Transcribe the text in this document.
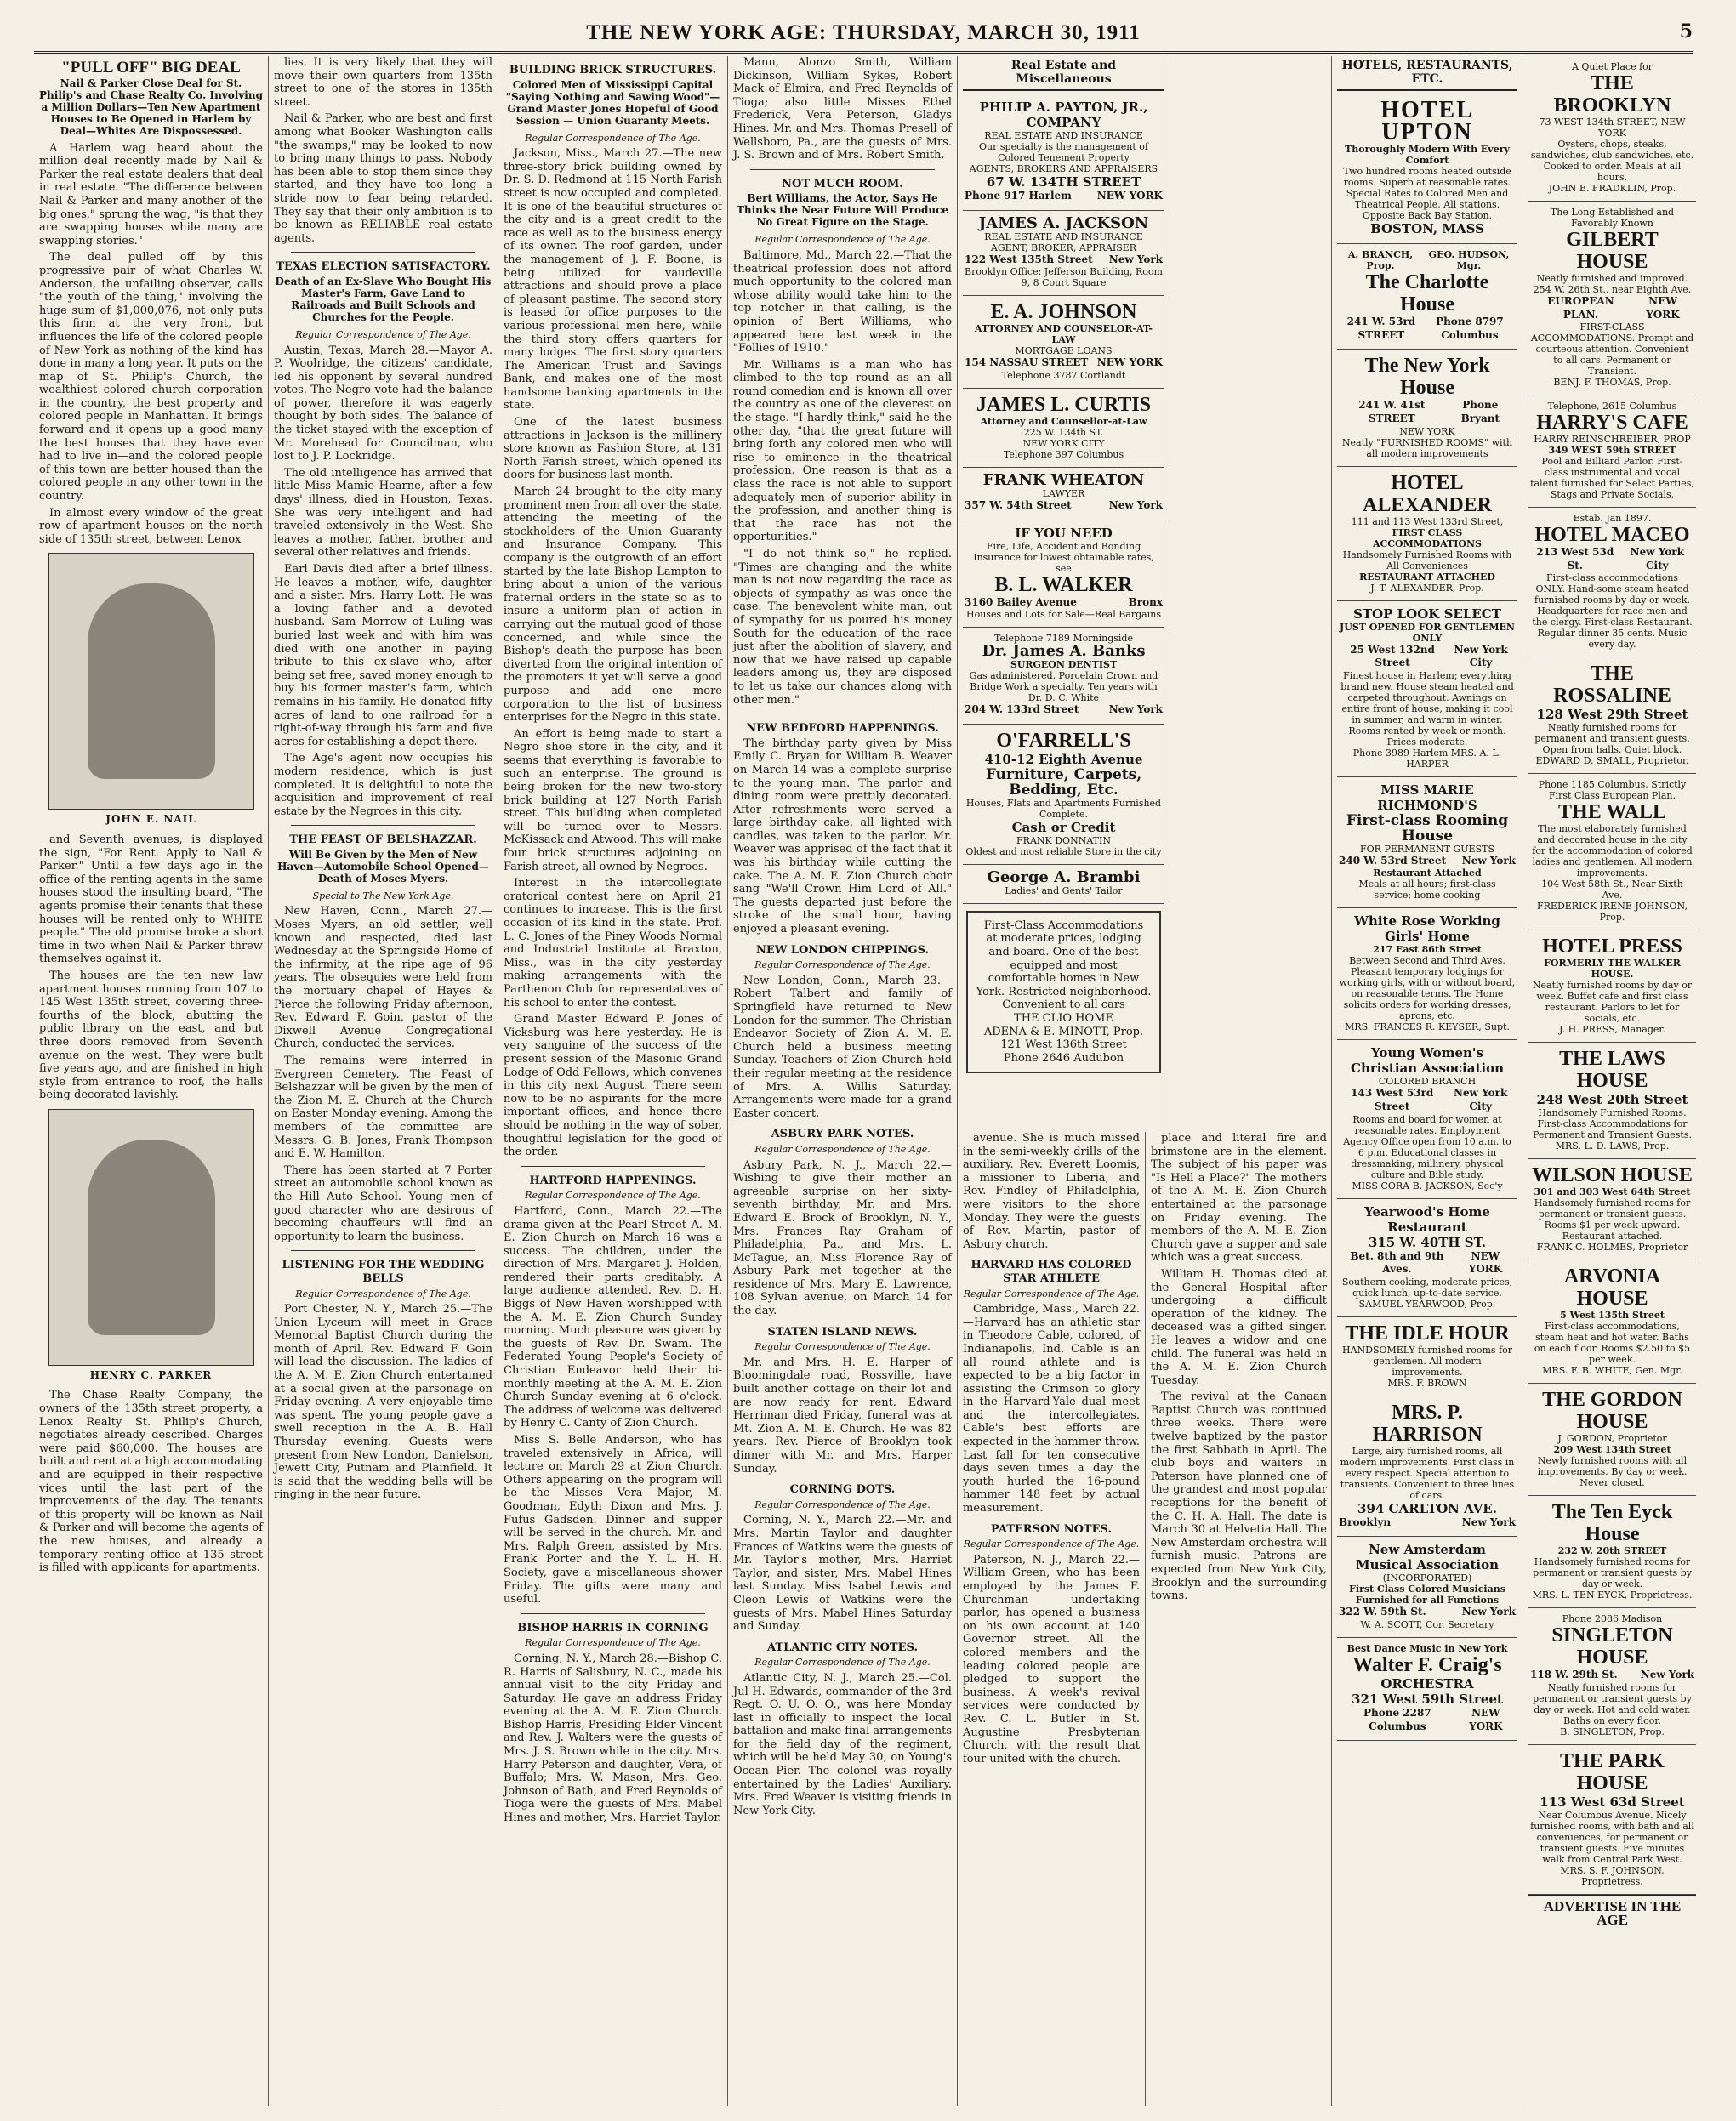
THE NEW YORK AGE: THURSDAY, MARCH 30, 1911	5
"PULL OFF" BIG DEAL
Nail & Parker Close Deal for St. Philip's and Chase Realty Co. Involving a Million Dollars—Ten New Apartment Houses to Be Opened in Harlem by Deal—Whites Are Dispossessed.

A Harlem wag heard about the million deal recently made by Nail & Parker the real estate dealers that deal in real estate. "The difference between Nail & Parker and many another of the big ones," sprung the wag, "is that they are swapping houses while many are swapping stories."

The deal pulled off by this progressive pair of what Charles W. Anderson, the unfailing observer, calls "the youth of the thing," involving the huge sum of $1,000,076, not only puts this firm at the very front, but influences the life of the colored people of New York as nothing of the kind has done in many a long year. It puts on the map of St. Philip's Church, the wealthiest colored church corporation in the country, the best property and colored people in Manhattan. It brings forward and it opens up a good many the best houses that they have ever had to live in—and the colored people of this town are better housed than the colored people in any other town in the country.

In almost every window of the great row of apartment houses on the north side of 135th street, between Lenox

JOHN E. NAIL

and Seventh avenues, is displayed the sign, "For Rent. Apply to Nail & Parker." Until a few days ago in the office of the renting agents in the same houses stood the insulting board, "The agents promise their tenants that these houses will be rented only to WHITE people." The old promise broke a short time in two when Nail & Parker threw themselves against it.

The houses are the ten new law apartment houses running from 107 to 145 West 135th street, covering three-fourths of the block, abutting the public library on the east, and but three doors removed from Seventh avenue on the west. They were built five years ago, and are finished in high style from entrance to roof, the halls being decorated lavishly.

HENRY C. PARKER

The Chase Realty Company, the owners of the 135th street property, a Lenox Realty St. Philip's Church, negotiates already described. Charges were paid $60,000. The houses are built and rent at a high accommodating and are equipped in their respective vices until the last part of the improvements of the day. The tenants of this property will be known as Nail & Parker and will become the agents of the new houses, and already a temporary renting office at 135 street is filled with applicants for apartments.

lies. It is very likely that they will move their own quarters from 135th street to one of the stores in 135th street.

Nail & Parker, who are best and first among what Booker Washington calls "the swamps," may be looked to now to bring many things to pass. Nobody has been able to stop them since they started, and they have too long a stride now to fear being retarded. They say that their only ambition is to be known as RELIABLE real estate agents.

TEXAS ELECTION SATISFACTORY.
Death of an Ex-Slave Who Bought His Master's Farm, Gave Land to Railroads and Built Schools and Churches for the People.
Regular Correspondence of The Age.

Austin, Texas, March 28.—Mayor A. P. Woolridge, the citizens' candidate, led his opponent by several hundred votes. The Negro vote had the balance of power, therefore it was eagerly thought by both sides. The balance of the ticket stayed with the exception of Mr. Morehead for Councilman, who lost to J. P. Lockridge.

The old intelligence has arrived that little Miss Mamie Hearne, after a few days' illness, died in Houston, Texas. She was very intelligent and had traveled extensively in the West. She leaves a mother, father, brother and several other relatives and friends.

Earl Davis died after a brief illness. He leaves a mother, wife, daughter and a sister. Mrs. Harry Lott. He was a loving father and a devoted husband. Sam Morrow of Luling was buried last week and with him was died with one another in paying tribute to this ex-slave who, after being set free, saved money enough to buy his former master's farm, which remains in his family. He donated fifty acres of land to one railroad for a right-of-way through his farm and five acres for establishing a depot there.

The Age's agent now occupies his modern residence, which is just completed. It is delightful to note the acquisition and improvement of real estate by the Negroes in this city.

THE FEAST OF BELSHAZZAR.
Will Be Given by the Men of New Haven—Automobile School Opened—Death of Moses Myers.
Special to The New York Age.

New Haven, Conn., March 27.—Moses Myers, an old settler, well known and respected, died last Wednesday at the Springside Home of the infirmity, at the ripe age of 96 years. The obsequies were held from the mortuary chapel of Hayes & Pierce the following Friday afternoon, Rev. Edward F. Goin, pastor of the Dixwell Avenue Congregational Church, conducted the services.

The remains were interred in Evergreen Cemetery. The Feast of Belshazzar will be given by the men of the Zion M. E. Church at the Church on Easter Monday evening. Among the members of the committee are Messrs. G. B. Jones, Frank Thompson and E. W. Hamilton.

There has been started at 7 Porter street an automobile school known as the Hill Auto School. Young men of good character who are desirous of becoming chauffeurs will find an opportunity to learn the business.

LISTENING FOR THE WEDDING BELLS
Regular Correspondence of The Age.

Port Chester, N. Y., March 25.—The Union Lyceum will meet in Grace Memorial Baptist Church during the month of April. Rev. Edward F. Goin will lead the discussion. The ladies of the A. M. E. Zion Church entertained at a social given at the parsonage on Friday evening. A very enjoyable time was spent. The young people gave a swell reception in the A. B. Hall Thursday evening. Guests were present from New London, Danielson, Jewett City, Putnam and Plainfield. It is said that the wedding bells will be ringing in the near future.

BUILDING BRICK STRUCTURES.
Colored Men of Mississippi Capital "Saying Nothing and Sawing Wood"—Grand Master Jones Hopeful of Good Session — Union Guaranty Meets.
Regular Correspondence of The Age.

Jackson, Miss., March 27.—The new three-story brick building owned by Dr. S. D. Redmond at 115 North Farish street is now occupied and completed. It is one of the beautiful structures of the city and is a great credit to the race as well as to the business energy of its owner. The roof garden, under the management of J. F. Boone, is being utilized for vaudeville attractions and should prove a place of pleasant pastime. The second story is leased for office purposes to the various professional men here, while the third story offers quarters for many lodges. The first story quarters The American Trust and Savings Bank, and makes one of the most handsome banking apartments in the state.

One of the latest business attractions in Jackson is the millinery store known as Fashion Store, at 131 North Farish street, which opened its doors for business last month.

March 24 brought to the city many prominent men from all over the state, attending the meeting of the stockholders of the Union Guaranty and Insurance Company. This company is the outgrowth of an effort started by the late Bishop Lampton to bring about a union of the various fraternal orders in the state so as to insure a uniform plan of action in carrying out the mutual good of those concerned, and while since the Bishop's death the purpose has been diverted from the original intention of the promoters it yet will serve a good purpose and add one more corporation to the list of business enterprises for the Negro in this state.

An effort is being made to start a Negro shoe store in the city, and it seems that everything is favorable to such an enterprise. The ground is being broken for the new two-story brick building at 127 North Farish street. This building when completed will be turned over to Messrs. McKissack and Atwood. This will make four brick structures adjoining on Farish street, all owned by Negroes.

Interest in the intercollegiate oratorical contest here on April 21 continues to increase. This is the first occasion of its kind in the state. Prof. L. C. Jones of the Piney Woods Normal and Industrial Institute at Braxton, Miss., was in the city yesterday making arrangements with the Parthenon Club for representatives of his school to enter the contest.

Grand Master Edward P. Jones of Vicksburg was here yesterday. He is very sanguine of the success of the present session of the Masonic Grand Lodge of Odd Fellows, which convenes in this city next August. There seem now to be no aspirants for the more important offices, and hence there should be nothing in the way of sober, thoughtful legislation for the good of the order.

HARTFORD HAPPENINGS.
Regular Correspondence of The Age.

Hartford, Conn., March 22.—The drama given at the Pearl Street A. M. E. Zion Church on March 16 was a success. The children, under the direction of Mrs. Margaret J. Holden, rendered their parts creditably. A large audience attended. Rev. D. H. Biggs of New Haven worshipped with the A. M. E. Zion Church Sunday morning. Much pleasure was given by the guests of Rev. Dr. Swam. The Federated Young People's Society of Christian Endeavor held their bi-monthly meeting at the A. M. E. Zion Church Sunday evening at 6 o'clock. The address of welcome was delivered by Henry C. Canty of Zion Church.

Miss S. Belle Anderson, who has traveled extensively in Africa, will lecture on March 29 at Zion Church. Others appearing on the program will be the Misses Vera Major, M. Goodman, Edyth Dixon and Mrs. J. Fufus Gadsden. Dinner and supper will be served in the church. Mr. and Mrs. Ralph Green, assisted by Mrs. Frank Porter and the Y. L. H. H. Society, gave a miscellaneous shower Friday. The gifts were many and useful.

BISHOP HARRIS IN CORNING
Regular Correspondence of The Age.

Corning, N. Y., March 28.—Bishop C. R. Harris of Salisbury, N. C., made his annual visit to the city Friday and Saturday. He gave an address Friday evening at the A. M. E. Zion Church. Bishop Harris, Presiding Elder Vincent and Rev. J. Walters were the guests of Mrs. J. S. Brown while in the city. Mrs. Harry Peterson and daughter, Vera, of Buffalo; Mrs. W. Mason, Mrs. Geo. Johnson of Bath, and Fred Reynolds of Tioga were the guests of Mrs. Mabel Hines and mother, Mrs. Harriet Taylor.

Mann, Alonzo Smith, William Dickinson, William Sykes, Robert Mack of Elmira, and Fred Reynolds of Tioga; also little Misses Ethel Frederick, Vera Peterson, Gladys Hines. Mr. and Mrs. Thomas Presell of Wellsboro, Pa., are the guests of Mrs. J. S. Brown and of Mrs. Robert Smith.

NOT MUCH ROOM.
Bert Williams, the Actor, Says He Thinks the Near Future Will Produce No Great Figure on the Stage.
Regular Correspondence of The Age.

Baltimore, Md., March 22.—That the theatrical profession does not afford much opportunity to the colored man whose ability would take him to the top notcher in that calling, is the opinion of Bert Williams, who appeared here last week in the "Follies of 1910."

Mr. Williams is a man who has climbed to the top round as an all round comedian and is known all over the country as one of the cleverest on the stage. "I hardly think," said he the other day, "that the great future will bring forth any colored men who will rise to eminence in the theatrical profession. One reason is that as a class the race is not able to support adequately men of superior ability in the profession, and another thing is that the race has not the opportunities."

"I do not think so," he replied. "Times are changing and the white man is not now regarding the race as objects of sympathy as was once the case. The benevolent white man, out of sympathy for us poured his money South for the education of the race just after the abolition of slavery, and now that we have raised up capable leaders among us, they are disposed to let us take our chances along with other men."

NEW BEDFORD HAPPENINGS.

The birthday party given by Miss Emily C. Bryan for William B. Weaver on March 14 was a complete surprise to the young man. The parlor and dining room were prettily decorated. After refreshments were served a large birthday cake, all lighted with candles, was taken to the parlor. Mr. Weaver was apprised of the fact that it was his birthday while cutting the cake. The A. M. E. Zion Church choir sang "We'll Crown Him Lord of All." The guests departed just before the stroke of the small hour, having enjoyed a pleasant evening.

NEW LONDON CHIPPINGS.
Regular Correspondence of The Age.

New London, Conn., March 23.—Robert Talbert and family of Springfield have returned to New London for the summer. The Christian Endeavor Society of Zion A. M. E. Church held a business meeting Sunday. Teachers of Zion Church held their regular meeting at the residence of Mrs. A. Willis Saturday. Arrangements were made for a grand Easter concert.

ASBURY PARK NOTES.
Regular Correspondence of The Age.

Asbury Park, N. J., March 22.—Wishing to give their mother an agreeable surprise on her sixty-seventh birthday, Mr. and Mrs. Edward E. Brock of Brooklyn, N. Y., Mrs. Frances Ray Graham of Philadelphia, Pa., and Mrs. L. McTague, an, Miss Florence Ray of Asbury Park met together at the residence of Mrs. Mary E. Lawrence, 108 Sylvan avenue, on March 14 for the day.

STATEN ISLAND NEWS.
Regular Correspondence of The Age.

Mr. and Mrs. H. E. Harper of Bloomingdale road, Rossville, have built another cottage on their lot and are now ready for rent. Edward Herriman died Friday, funeral was at Mt. Zion A. M. E. Church. He was 82 years. Rev. Pierce of Brooklyn took dinner with Mr. and Mrs. Harper Sunday.

CORNING DOTS.
Regular Correspondence of The Age.

Corning, N. Y., March 22.—Mr. and Mrs. Martin Taylor and daughter Frances of Watkins were the guests of Mr. Taylor's mother, Mrs. Harriet Taylor, and sister, Mrs. Mabel Hines last Sunday. Miss Isabel Lewis and Cleon Lewis of Watkins were the guests of Mrs. Mabel Hines Saturday and Sunday.

ATLANTIC CITY NOTES.
Regular Correspondence of The Age.

Atlantic City, N. J., March 25.—Col. Jul H. Edwards, commander of the 3rd Regt. O. U. O. O., was here Monday last in officially to inspect the local battalion and make final arrangements for the field day of the regiment, which will be held May 30, on Young's Ocean Pier. The colonel was royally entertained by the Ladies' Auxiliary. Mrs. Fred Weaver is visiting friends in New York City.

Real Estate and Miscellaneous
PHILIP A. PAYTON, JR., COMPANY
REAL ESTATE AND INSURANCE
Our specialty is the management of Colored Tenement Property
AGENTS, BROKERS AND APPRAISERS
67 W. 134TH STREET
Phone 917 Harlem NEW YORK
JAMES A. JACKSON
REAL ESTATE AND INSURANCE AGENT, BROKER, APPRAISER
122 West 135th Street New York
Brooklyn Office: Jefferson Building, Room 9, 8 Court Square
E. A. JOHNSON
ATTORNEY AND COUNSELOR-AT-LAW
MORTGAGE LOANS
154 NASSAU STREET NEW YORK
Telephone 3787 Cortlandt
JAMES L. CURTIS
Attorney and Counsellor-at-Law
225 W. 134th ST.
NEW YORK CITY
Telephone 397 Columbus
FRANK WHEATON
LAWYER
357 W. 54th Street	New York
IF YOU NEED
Fire, Life, Accident and Bonding Insurance for lowest obtainable rates, see
B. L. WALKER
3160 Bailey Avenue	Bronx
Houses and Lots for Sale—Real Bargains
Telephone 7189 Morningside
Dr. James A. Banks
SURGEON DENTIST
Gas administered. Porcelain Crown and Bridge Work a specialty. Ten years with Dr. D. C. White
204 W. 133rd Street	New York
O'FARRELL'S
410-12 Eighth Avenue
Furniture, Carpets, Bedding, Etc.
Houses, Flats and Apartments Furnished Complete.
Cash or Credit
FRANK DONNATIN
Oldest and most reliable Store in the city
George A. Brambi
Ladies' and Gents' Tailor
First-Class Accommodations
at moderate prices, lodging and board. One of the best equipped and most comfortable homes in New York. Restricted neighborhood. Convenient to all cars
THE CLIO HOME
ADENA & E. MINOTT, Prop.
121 West 136th Street
Phone 2646 Audubon

avenue. She is much missed in the semi-weekly drills of the auxiliary. Rev. Everett Loomis, a missioner to Liberia, and Rev. Findley of Philadelphia, were visitors to the shore Monday. They were the guests of Rev. Martin, pastor of Asbury church.

HARVARD HAS COLORED STAR ATHLETE
Regular Correspondence of The Age.

Cambridge, Mass., March 22.—Harvard has an athletic star in Theodore Cable, colored, of Indianapolis, Ind. Cable is an all round athlete and is expected to be a big factor in assisting the Crimson to glory in the Harvard-Yale dual meet and the intercollegiates. Cable's best efforts are expected in the hammer throw. Last fall for ten consecutive days seven times a day the youth hurled the 16-pound hammer 148 feet by actual measurement.

PATERSON NOTES.
Regular Correspondence of The Age.

Paterson, N. J., March 22.—William Green, who has been employed by the James F. Churchman undertaking parlor, has opened a business on his own account at 140 Governor street. All the colored members and the leading colored people are pledged to support the business. A week's revival services were conducted by Rev. C. L. Butler in St. Augustine Presbyterian Church, with the result that four united with the church.

place and literal fire and brimstone are in the element. The subject of his paper was "Is Hell a Place?" The mothers of the A. M. E. Zion Church entertained at the parsonage on Friday evening. The members of the A. M. E. Zion Church gave a supper and sale which was a great success.

William H. Thomas died at the General Hospital after undergoing a difficult operation of the kidney. The deceased was a gifted singer. He leaves a widow and one child. The funeral was held in the A. M. E. Zion Church Tuesday.

The revival at the Canaan Baptist Church was continued three weeks. There were twelve baptized by the pastor the first Sabbath in April. The club boys and waiters in Paterson have planned one of the grandest and most popular receptions for the benefit of the C. H. A. Hall. The date is March 30 at Helvetia Hall. The New Amsterdam orchestra will furnish music. Patrons are expected from New York City, Brooklyn and the surrounding towns.

HOTELS, RESTAURANTS, ETC.
HOTEL UPTON
Thoroughly Modern With Every Comfort
Two hundred rooms heated outside rooms. Superb at reasonable rates. Special Rates to Colored Men and Theatrical People. All stations. Opposite Back Bay Station.
BOSTON, MASS
A. BRANCH, Prop.
GEO. HUDSON, Mgr.
The Charlotte House
241 W. 53rd STREET
Phone 8797 Columbus
The New York House
241 W. 41st STREET
Phone Bryant
NEW YORK
Neatly "FURNISHED ROOMS" with all modern improvements
HOTEL ALEXANDER
111 and 113 West 133rd Street,
FIRST CLASS ACCOMMODATIONS
Handsomely Furnished Rooms with All Conveniences
RESTAURANT ATTACHED
J. T. ALEXANDER, Prop.
STOP LOOK SELECT
JUST OPENED FOR GENTLEMEN ONLY
25 West 132nd Street
New York City
Finest house in Harlem; everything brand new. House steam heated and carpeted throughout. Awnings on entire front of house, making it cool in summer, and warm in winter. Rooms rented by week or month. Prices moderate.
Phone 3989 Harlem MRS. A. L. HARPER
MISS MARIE RICHMOND'S
First-class Rooming House
FOR PERMANENT GUESTS
240 W. 53rd Street New York
Restaurant Attached
Meals at all hours; first-class service; home cooking
White Rose Working Girls' Home
217 East 86th Street
Between Second and Third Aves.
Pleasant temporary lodgings for working girls, with or without board, on reasonable terms. The Home solicits orders for working dresses, aprons, etc.
MRS. FRANCES R. KEYSER, Supt.
Young Women's Christian Association
COLORED BRANCH
143 West 53rd Street
New York City
Rooms and board for women at reasonable rates. Employment Agency Office open from 10 a.m. to 6 p.m. Educational classes in dressmaking, millinery, physical culture and Bible study.
MISS CORA B. JACKSON, Sec'y
Yearwood's Home Restaurant
315 W. 40TH ST.
Bet. 8th and 9th Aves.
NEW YORK
Southern cooking, moderate prices, quick lunch, up-to-date service.
SAMUEL YEARWOOD, Prop.
THE IDLE HOUR
HANDSOMELY furnished rooms for gentlemen. All modern improvements.
MRS. F. BROWN
MRS. P. HARRISON
Large, airy furnished rooms, all modern improvements. First class in every respect. Special attention to transients. Convenient to three lines of cars.
394 CARLTON AVE.
Brooklyn	New York
New Amsterdam Musical Association
(INCORPORATED)
First Class Colored Musicians Furnished for all Functions
322 W. 59th St.	New York
W. A. SCOTT, Cor. Secretary
Best Dance Music in New York
Walter F. Craig's
ORCHESTRA
321 West 59th Street
Phone 2287 Columbus
NEW YORK
A Quiet Place for
THE BROOKLYN
73 WEST 134th STREET, NEW YORK
Oysters, chops, steaks, sandwiches, club sandwiches, etc. Cooked to order. Meals at all hours.
JOHN E. FRADKLIN, Prop.
The Long Established and Favorably Known
GILBERT HOUSE
Neatly furnished and improved.
254 W. 26th St., near Eighth Ave.
EUROPEAN PLAN.
NEW YORK
FIRST-CLASS ACCOMMODATIONS. Prompt and courteous attention. Convenient to all cars. Permanent or Transient.
BENJ. F. THOMAS, Prop.
Telephone, 2615 Columbus
HARRY'S CAFE
HARRY REINSCHREIBER, PROP
349 WEST 59th STREET
Pool and Billiard Parlor. First-class instrumental and vocal talent furnished for Select Parties, Stags and Private Socials.
Estab. Jan 1897.
HOTEL MACEO
213 West 53d St.
New York City
First-class accommodations ONLY. Hand-some steam heated furnished rooms by day or week. Headquarters for race men and the clergy. First-class Restaurant. Regular dinner 35 cents. Music every day.
THE ROSSALINE
128 West 29th Street
Neatly furnished rooms for permanent and transient guests. Open from halls. Quiet block.
EDWARD D. SMALL, Proprietor.
Phone 1185 Columbus. Strictly First Class European Plan.
THE WALL
The most elaborately furnished and decorated house in the city for the accommodation of colored ladies and gentlemen. All modern improvements.
104 West 58th St., Near Sixth Ave.
FREDERICK IRENE JOHNSON, Prop.
HOTEL PRESS
FORMERLY THE WALKER HOUSE.
Neatly furnished rooms by day or week. Buffet cafe and first class restaurant. Parlors to let for socials, etc.
J. H. PRESS, Manager.
THE LAWS HOUSE
248 West 20th Street
Handsomely Furnished Rooms. First-class Accommodations for Permanent and Transient Guests.
MRS. L. D. LAWS, Prop.
WILSON HOUSE
301 and 303 West 64th Street
Handsomely furnished rooms for permanent or transient guests. Rooms $1 per week upward. Restaurant attached.
FRANK C. HOLMES, Proprietor
ARVONIA HOUSE
5 West 135th Street
First-class accommodations, steam heat and hot water. Baths on each floor. Rooms $2.50 to $5 per week.
MRS. F. B. WHITE, Gen. Mgr.
THE GORDON HOUSE
J. GORDON, Proprietor
209 West 134th Street
Newly furnished rooms with all improvements. By day or week. Never closed.
The Ten Eyck House
232 W. 20th STREET
Handsomely furnished rooms for permanent or transient guests by day or week.
MRS. L. TEN EYCK, Proprietress.
Phone 2086 Madison
SINGLETON HOUSE
118 W. 29th St. New York
Neatly furnished rooms for permanent or transient guests by day or week. Hot and cold water. Baths on every floor.
B. SINGLETON, Prop.
THE PARK HOUSE
113 West 63d Street
Near Columbus Avenue. Nicely furnished rooms, with bath and all conveniences, for permanent or transient guests. Five minutes walk from Central Park West.
MRS. S. F. JOHNSON, Proprietress.
ADVERTISE IN THE AGE
